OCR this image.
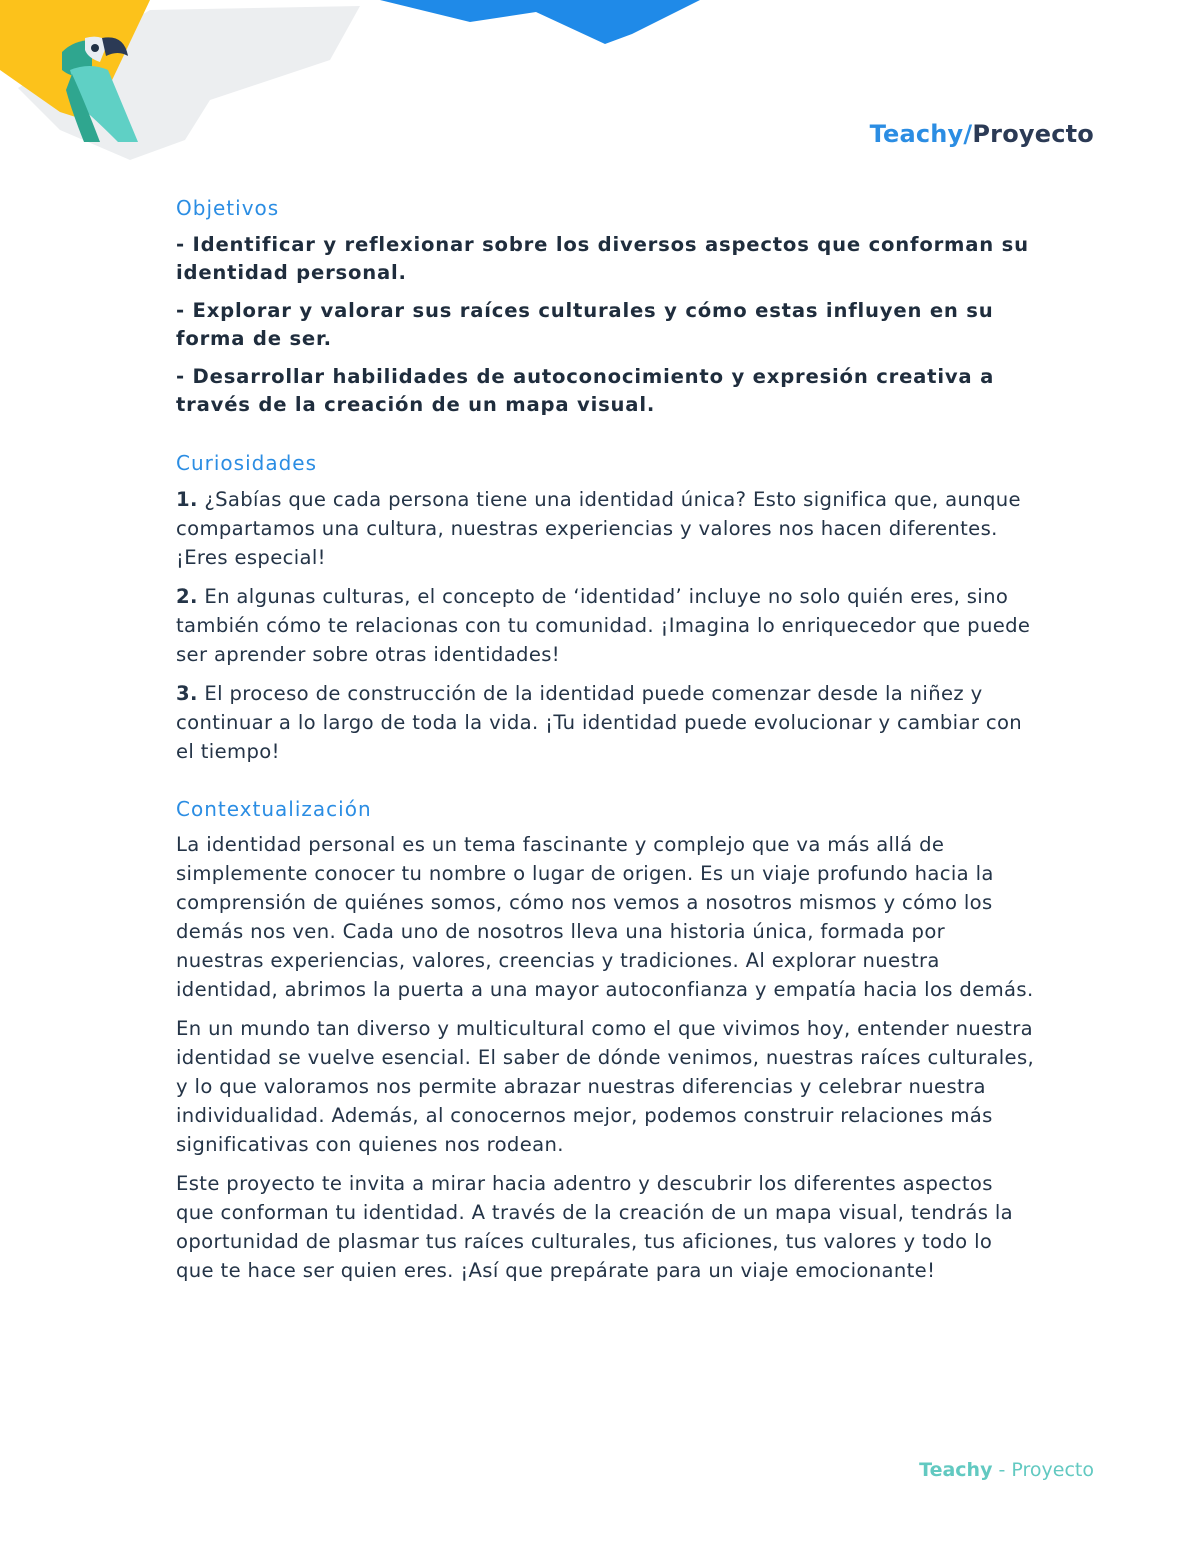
Teachy/Proyecto
Objetivos

- Identificar y reflexionar sobre los diversos aspectos que conforman su identidad personal.

- Explorar y valorar sus raíces culturales y cómo estas influyen en su forma de ser.

- Desarrollar habilidades de autoconocimiento y expresión creativa a través de la creación de un mapa visual.

Curiosidades

1. ¿Sabías que cada persona tiene una identidad única? Esto significa que, aunque compartamos una cultura, nuestras experiencias y valores nos hacen diferentes. ¡Eres especial!

2. En algunas culturas, el concepto de ‘identidad’ incluye no solo quién eres, sino también cómo te relacionas con tu comunidad. ¡Imagina lo enriquecedor que puede ser aprender sobre otras identidades!

3. El proceso de construcción de la identidad puede comenzar desde la niñez y continuar a lo largo de toda la vida. ¡Tu identidad puede evolucionar y cambiar con el tiempo!

Contextualización

La identidad personal es un tema fascinante y complejo que va más allá de simplemente conocer tu nombre o lugar de origen. Es un viaje profundo hacia la comprensión de quiénes somos, cómo nos vemos a nosotros mismos y cómo los demás nos ven. Cada uno de nosotros lleva una historia única, formada por nuestras experiencias, valores, creencias y tradiciones. Al explorar nuestra identidad, abrimos la puerta a una mayor autoconfianza y empatía hacia los demás.

En un mundo tan diverso y multicultural como el que vivimos hoy, entender nuestra identidad se vuelve esencial. El saber de dónde venimos, nuestras raíces culturales, y lo que valoramos nos permite abrazar nuestras diferencias y celebrar nuestra individualidad. Además, al conocernos mejor, podemos construir relaciones más significativas con quienes nos rodean.

Este proyecto te invita a mirar hacia adentro y descubrir los diferentes aspectos que conforman tu identidad. A través de la creación de un mapa visual, tendrás la oportunidad de plasmar tus raíces culturales, tus aficiones, tus valores y todo lo que te hace ser quien eres. ¡Así que prepárate para un viaje emocionante!

Teachy - Proyecto
